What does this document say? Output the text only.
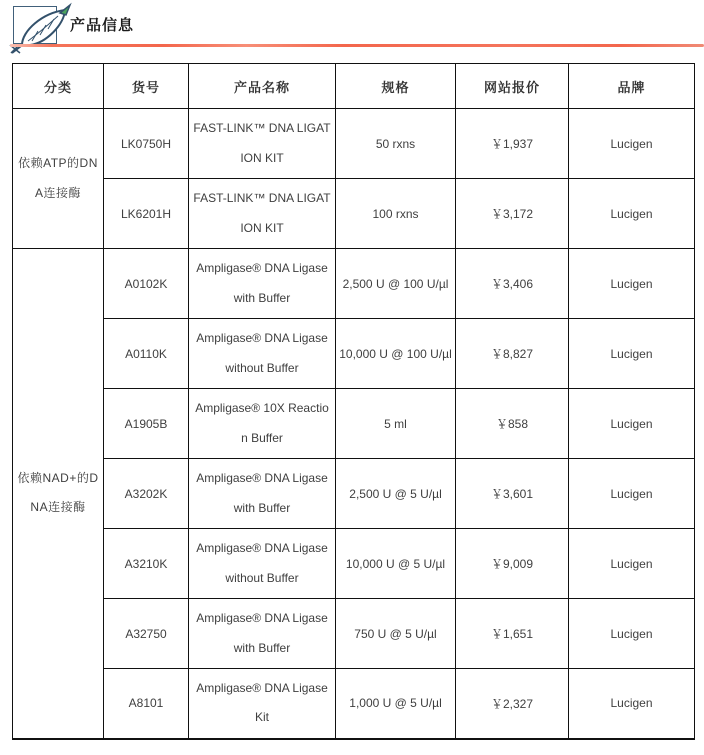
产品信息
分类	货号	产品名称	规格	网站报价	品牌
依赖ATP的DNA连接酶	LK0750H	FAST-LINK™ DNA LIGATION KIT	50 rxns	￥1,937	Lucigen
	LK6201H	FAST-LINK™ DNA LIGATION KIT	100 rxns	￥3,172	Lucigen
依赖NAD+的DNA连接酶	A0102K	Ampligase® DNA Ligase with Buffer	2,500 U @ 100 U/µl	￥3,406	Lucigen
	A0110K	Ampligase® DNA Ligase without Buffer	10,000 U @ 100 U/µl	￥8,827	Lucigen
	A1905B	Ampligase® 10X Reaction Buffer	5 ml	￥858	Lucigen
	A3202K	Ampligase® DNA Ligase with Buffer	2,500 U @ 5 U/µl	￥3,601	Lucigen
	A3210K	Ampligase® DNA Ligase without Buffer	10,000 U @ 5 U/µl	￥9,009	Lucigen
	A32750	Ampligase® DNA Ligase with Buffer	750 U @ 5 U/µl	￥1,651	Lucigen
	A8101	Ampligase® DNA Ligase Kit	1,000 U @ 5 U/µl	￥2,327	Lucigen
